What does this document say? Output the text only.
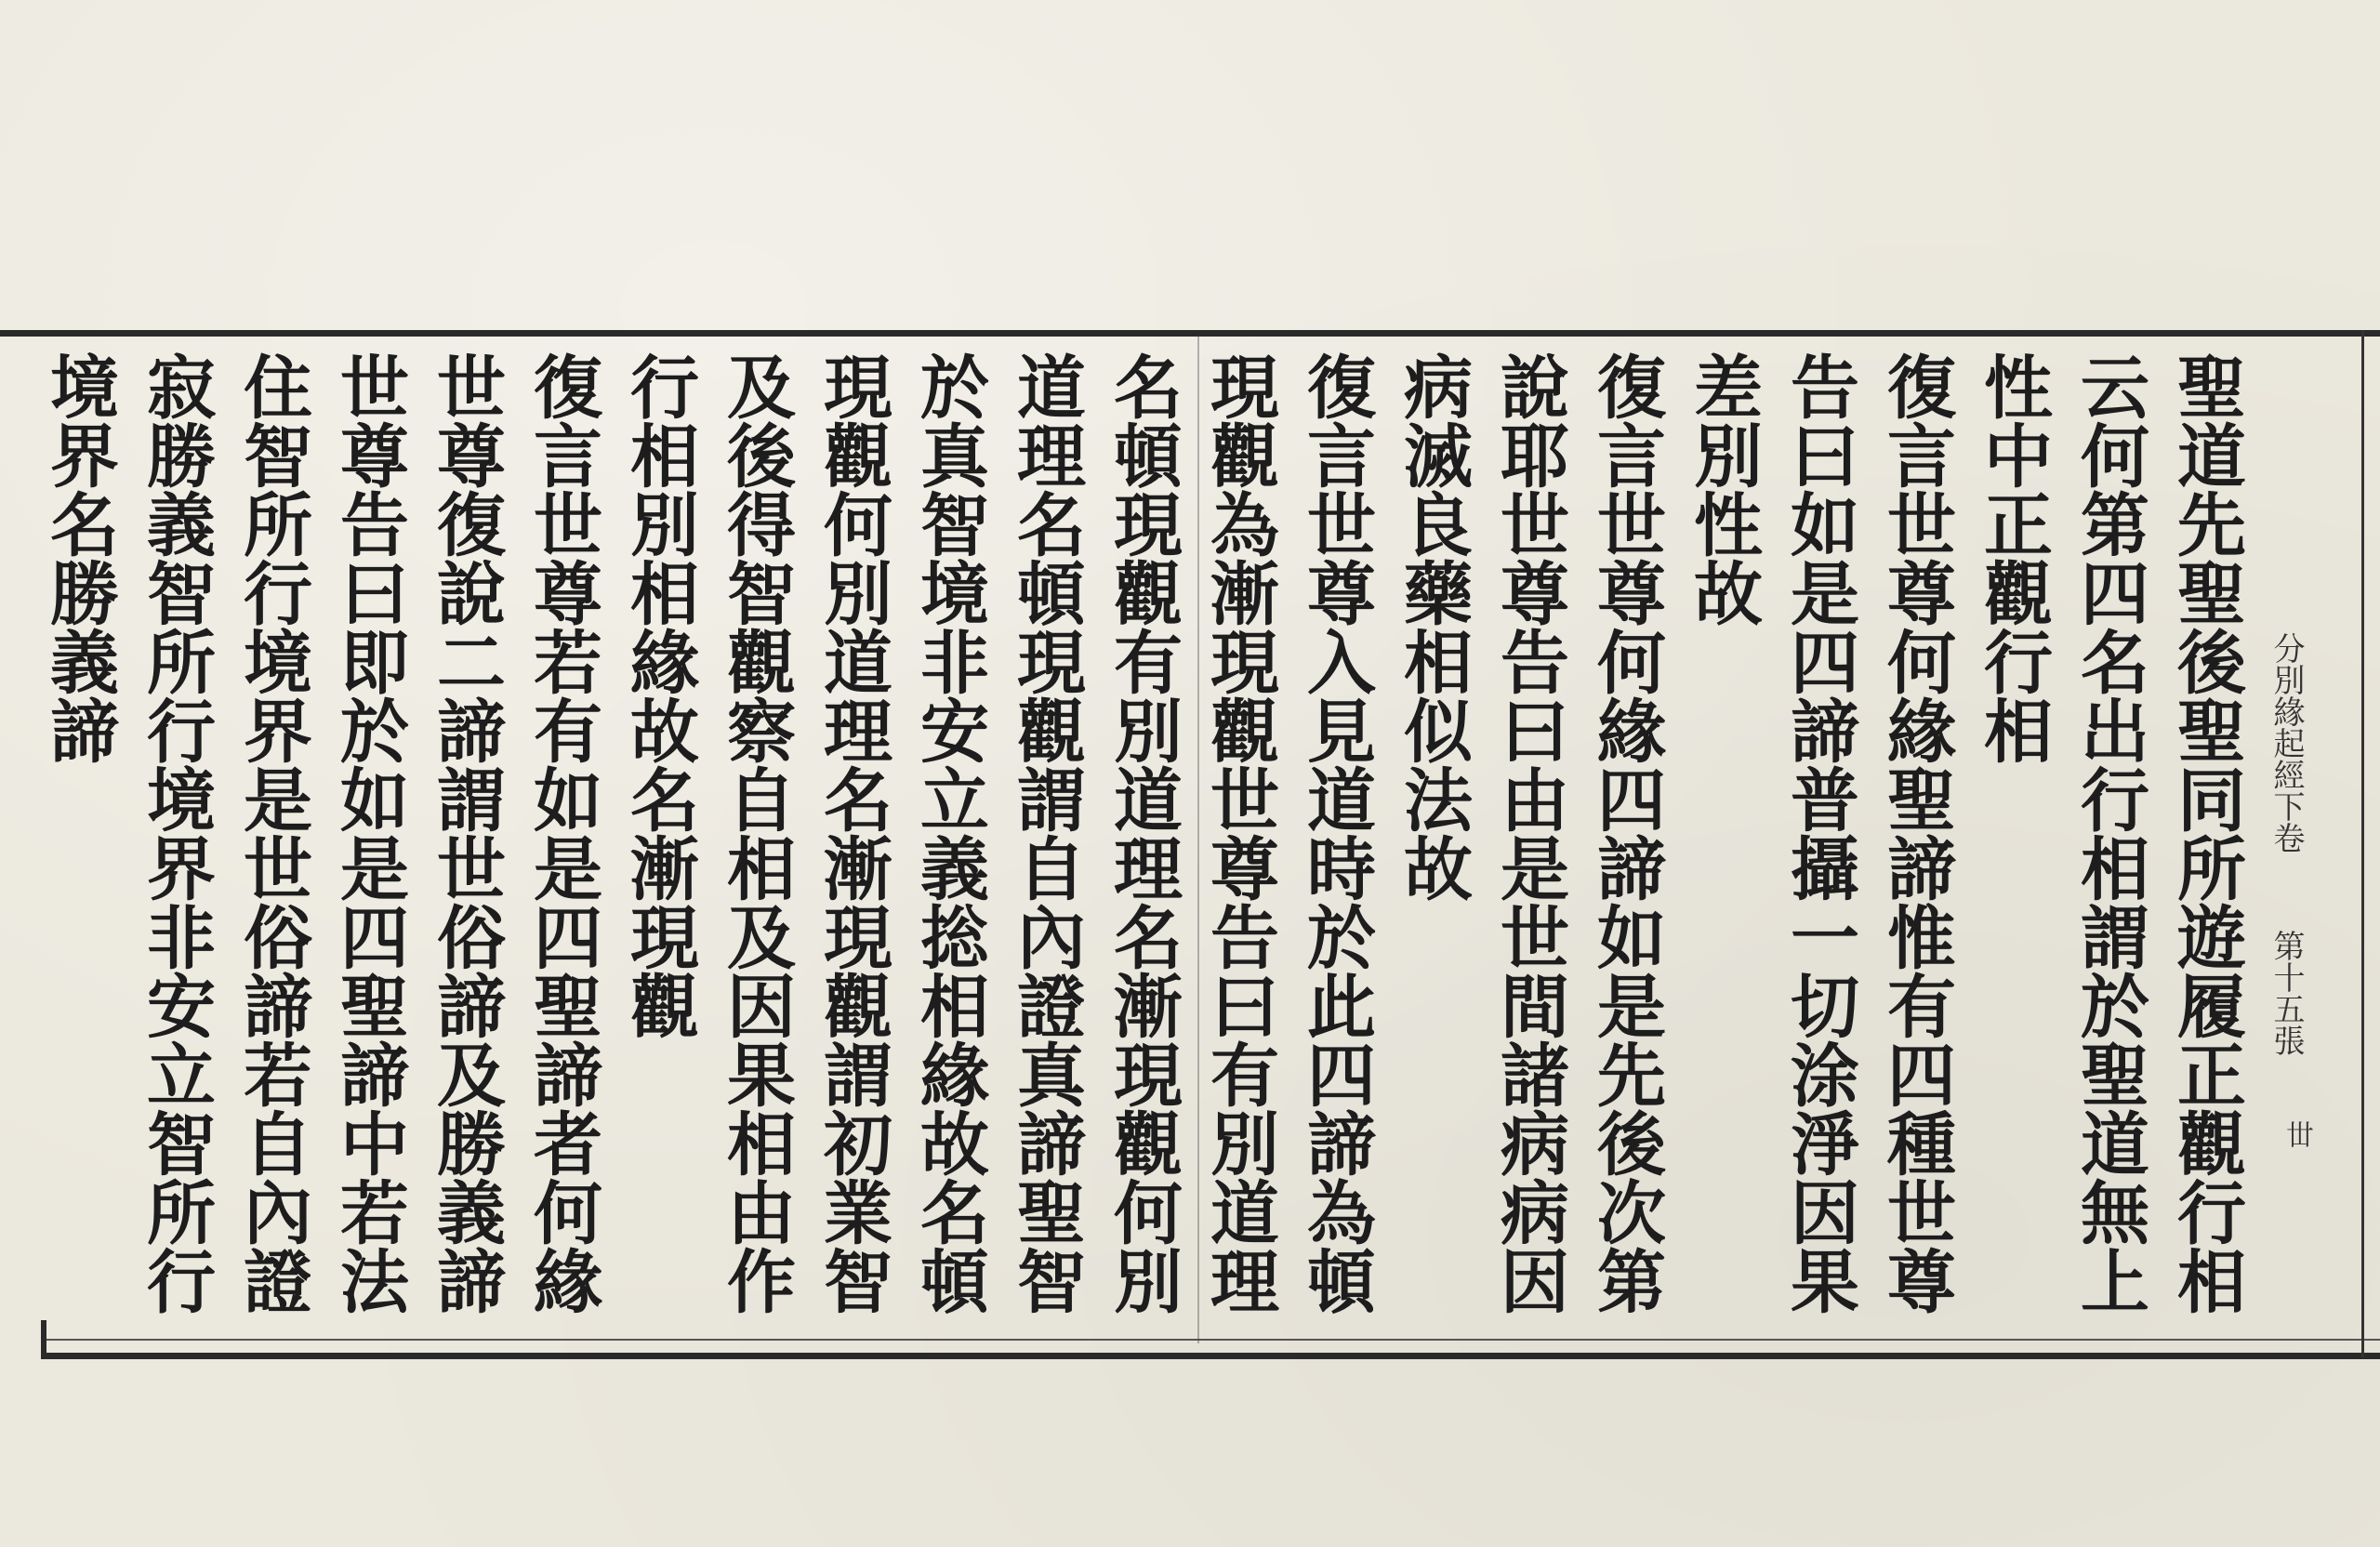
分別緣起經下卷
第十五張
丗
聖道先聖後聖同所遊履正觀行相
云何第四名出行相謂於聖道無上
性中正觀行相
復言世尊何緣聖諦惟有四種世尊
告曰如是四諦普攝一切涂淨因果
差別性故
復言世尊何緣四諦如是先後次第
說耶世尊告曰由是世間諸病病因
病滅良藥相似法故
復言世尊入見道時於此四諦為頓
現觀為漸現觀世尊告曰有別道理
名頓現觀有別道理名漸現觀何別
道理名頓現觀謂自內證真諦聖智
於真智境非安立義捴相緣故名頓
現觀何別道理名漸現觀謂初業智
及後得智觀察自相及因果相由作
行相別相緣故名漸現觀
復言世尊若有如是四聖諦者何緣
世尊復說二諦謂世俗諦及勝義諦
世尊告曰即於如是四聖諦中若法
住智所行境界是世俗諦若自內證
寂勝義智所行境界非安立智所行
境界名勝義諦
